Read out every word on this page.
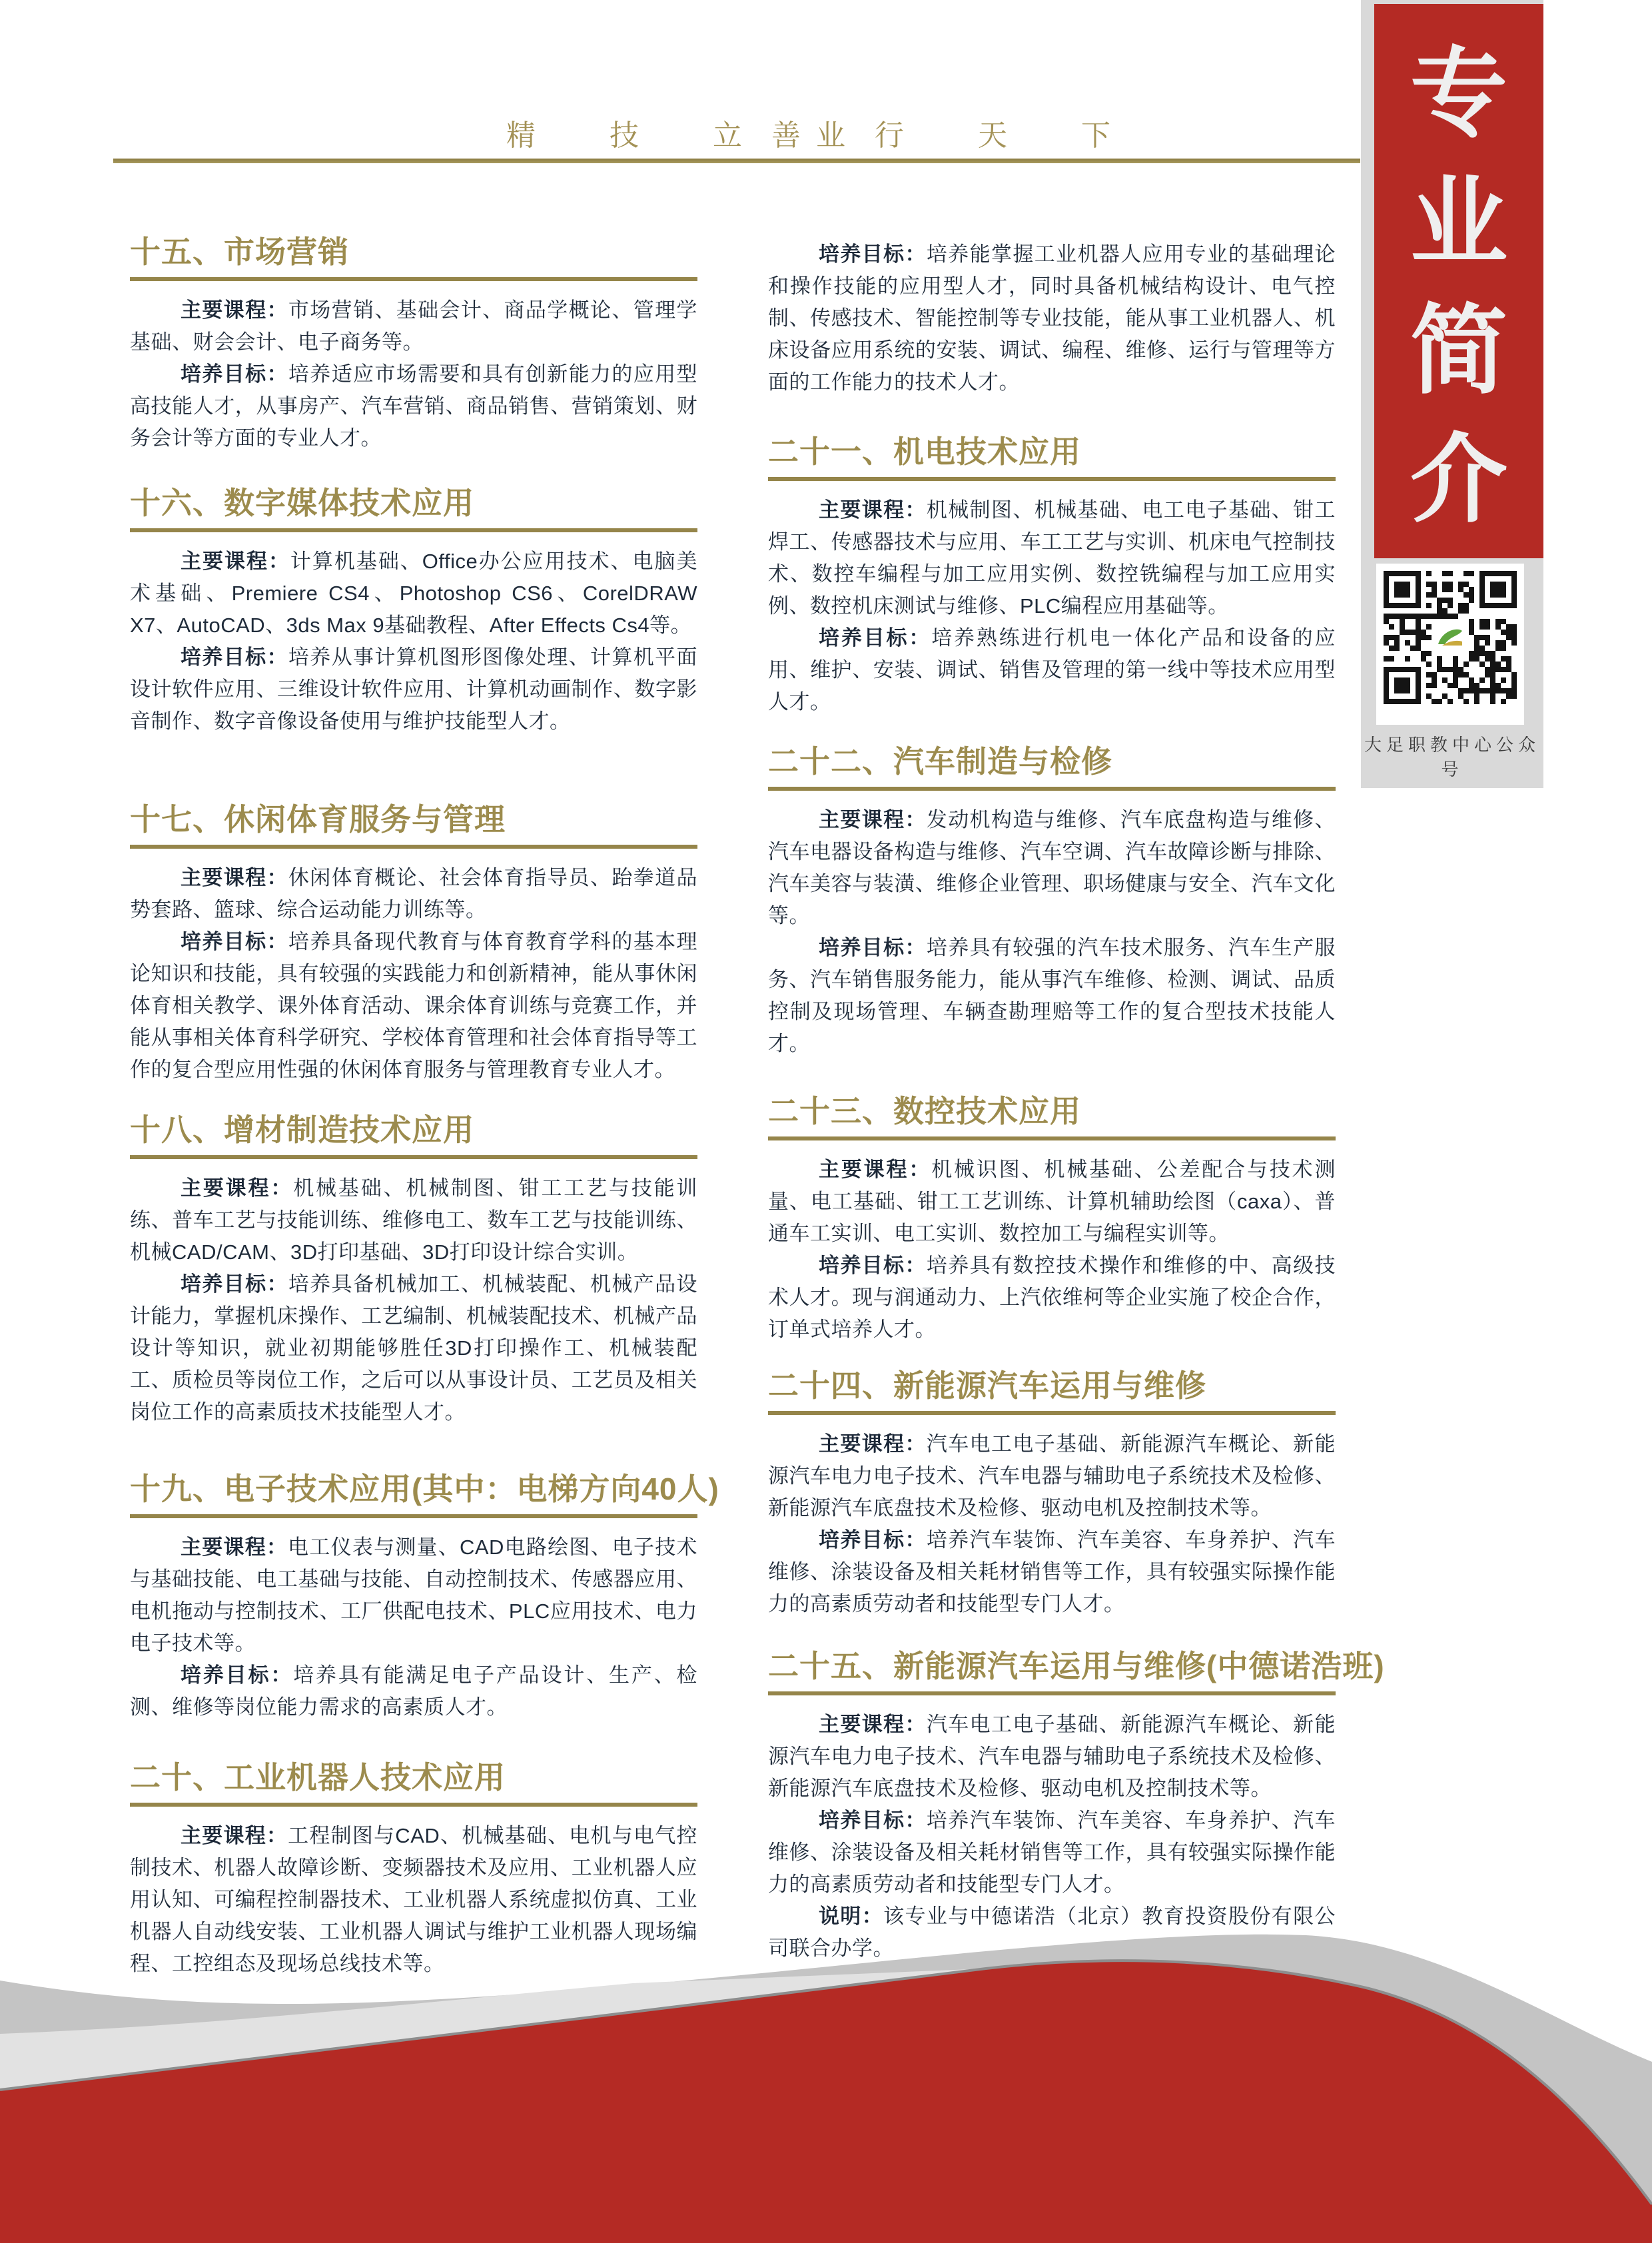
精 技 立 业
善 行 天 下
十五、市场营销

主要课程：市场营销、基础会计、商品学概论、管理学基础、财会会计、电子商务等。

培养目标：培养适应市场需要和具有创新能力的应用型高技能人才，从事房产、汽车营销、商品销售、营销策划、财务会计等方面的专业人才。

十六、数字媒体技术应用

主要课程：计算机基础、Office办公应用技术、电脑美术基础、Premiere CS4、Photoshop CS6、CorelDRAW X7、AutoCAD、3ds Max 9基础教程、After Effects Cs4等。

培养目标：培养从事计算机图形图像处理、计算机平面设计软件应用、三维设计软件应用、计算机动画制作、数字影音制作、数字音像设备使用与维护技能型人才。

十七、休闲体育服务与管理

主要课程：休闲体育概论、社会体育指导员、跆拳道品势套路、篮球、综合运动能力训练等。

培养目标：培养具备现代教育与体育教育学科的基本理论知识和技能，具有较强的实践能力和创新精神，能从事休闲体育相关教学、课外体育活动、课余体育训练与竞赛工作，并能从事相关体育科学研究、学校体育管理和社会体育指导等工作的复合型应用性强的休闲体育服务与管理教育专业人才。

十八、增材制造技术应用

主要课程：机械基础、机械制图、钳工工艺与技能训练、普车工艺与技能训练、维修电工、数车工艺与技能训练、机械CAD/CAM、3D打印基础、3D打印设计综合实训。

培养目标：培养具备机械加工、机械装配、机械产品设计能力，掌握机床操作、工艺编制、机械装配技术、机械产品设计等知识，就业初期能够胜任3D打印操作工、机械装配工、质检员等岗位工作，之后可以从事设计员、工艺员及相关岗位工作的高素质技术技能型人才。

十九、电子技术应用(其中：电梯方向40人)

主要课程：电工仪表与测量、CAD电路绘图、电子技术与基础技能、电工基础与技能、自动控制技术、传感器应用、电机拖动与控制技术、工厂供配电技术、PLC应用技术、电力电子技术等。

培养目标：培养具有能满足电子产品设计、生产、检测、维修等岗位能力需求的高素质人才。

二十、工业机器人技术应用

主要课程：工程制图与CAD、机械基础、电机与电气控制技术、机器人故障诊断、变频器技术及应用、工业机器人应用认知、可编程控制器技术、工业机器人系统虚拟仿真、工业机器人自动线安装、工业机器人调试与维护工业机器人现场编程、工控组态及现场总线技术等。

培养目标：培养能掌握工业机器人应用专业的基础理论和操作技能的应用型人才，同时具备机械结构设计、电气控制、传感技术、智能控制等专业技能，能从事工业机器人、机床设备应用系统的安装、调试、编程、维修、运行与管理等方面的工作能力的技术人才。

二十一、机电技术应用

主要课程：机械制图、机械基础、电工电子基础、钳工焊工、传感器技术与应用、车工工艺与实训、机床电气控制技术、数控车编程与加工应用实例、数控铣编程与加工应用实例、数控机床测试与维修、PLC编程应用基础等。

培养目标：培养熟练进行机电一体化产品和设备的应用、维护、安装、调试、销售及管理的第一线中等技术应用型人才。

二十二、汽车制造与检修

主要课程：发动机构造与维修、汽车底盘构造与维修、汽车电器设备构造与维修、汽车空调、汽车故障诊断与排除、汽车美容与装潢、维修企业管理、职场健康与安全、汽车文化等。

培养目标：培养具有较强的汽车技术服务、汽车生产服务、汽车销售服务能力，能从事汽车维修、检测、调试、品质控制及现场管理、车辆查勘理赔等工作的复合型技术技能人才。

二十三、数控技术应用

主要课程：机械识图、机械基础、公差配合与技术测量、电工基础、钳工工艺训练、计算机辅助绘图（caxa）、普通车工实训、电工实训、数控加工与编程实训等。

培养目标：培养具有数控技术操作和维修的中、高级技术人才。现与润通动力、上汽依维柯等企业实施了校企合作，订单式培养人才。

二十四、新能源汽车运用与维修

主要课程：汽车电工电子基础、新能源汽车概论、新能源汽车电力电子技术、汽车电器与辅助电子系统技术及检修、新能源汽车底盘技术及检修、驱动电机及控制技术等。

培养目标：培养汽车装饰、汽车美容、车身养护、汽车维修、涂装设备及相关耗材销售等工作，具有较强实际操作能力的高素质劳动者和技能型专门人才。

二十五、新能源汽车运用与维修(中德诺浩班)

主要课程：汽车电工电子基础、新能源汽车概论、新能源汽车电力电子技术、汽车电器与辅助电子系统技术及检修、新能源汽车底盘技术及检修、驱动电机及控制技术等。

培养目标：培养汽车装饰、汽车美容、车身养护、汽车维修、涂装设备及相关耗材销售等工作，具有较强实际操作能力的高素质劳动者和技能型专门人才。

说明：该专业与中德诺浩（北京）教育投资股份有限公司联合办学。

专业简介
大足职教中心公众号
